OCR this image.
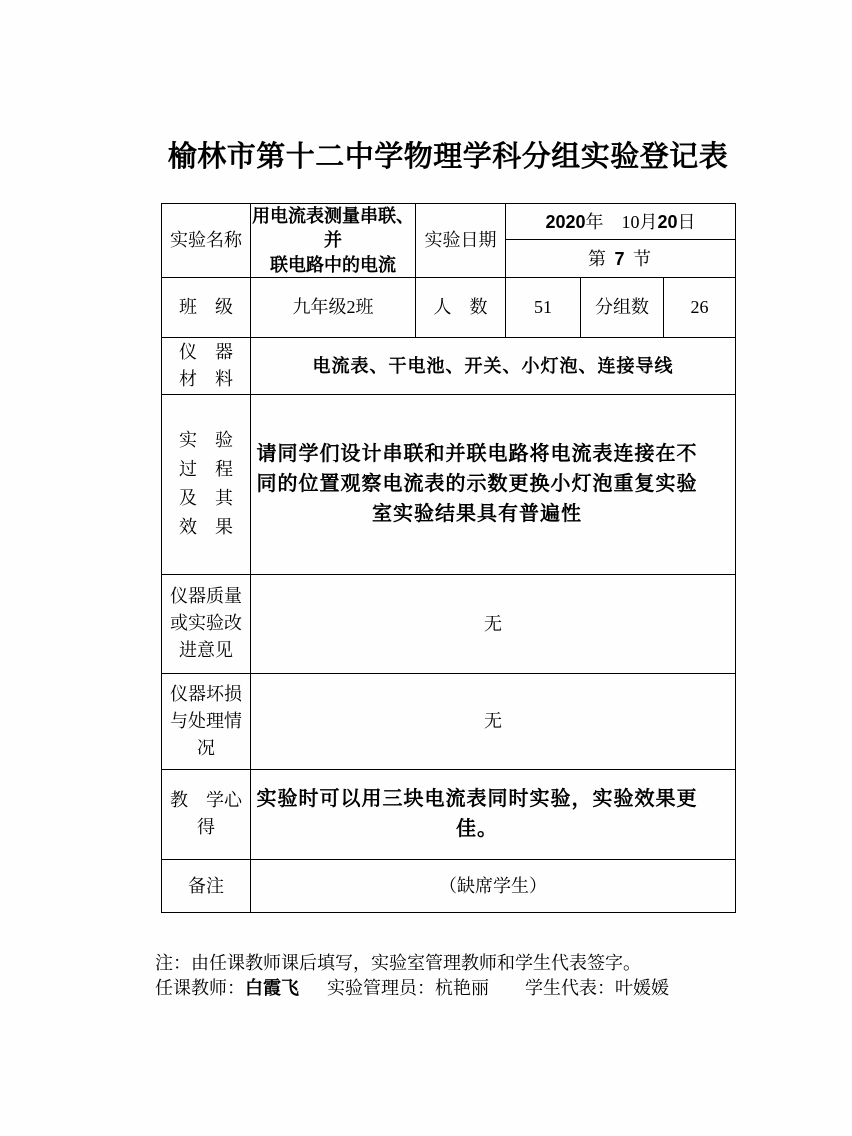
榆林市第十二中学物理学科分组实验登记表
实验名称	用电流表测量串联、并
联电路中的电流	实验日期	2020年　10月20日		
			第 7 节		
班　级	九年级2班	人　数	51	分组数	26

仪　器
材　料	电流表、干电池、开关、小灯泡、连接导线				

实　验
过　程
及　其
效　果	请同学们设计串联和并联电路将电流表连接在不同的位置观察电流表的示数更换小灯泡重复实验室实验结果具有普遍性				

仪器质量
或实验改
进意见	无				

仪器坏损
与处理情
况	无				

教　学心
得	实验时可以用三块电流表同时实验，实验效果更佳。				

备注	（缺席学生）				
注：由任课教师课后填写，实验室管理教师和学生代表签字。
任课教师：白霞飞 实验管理员：杭艳丽 学生代表：叶媛媛
